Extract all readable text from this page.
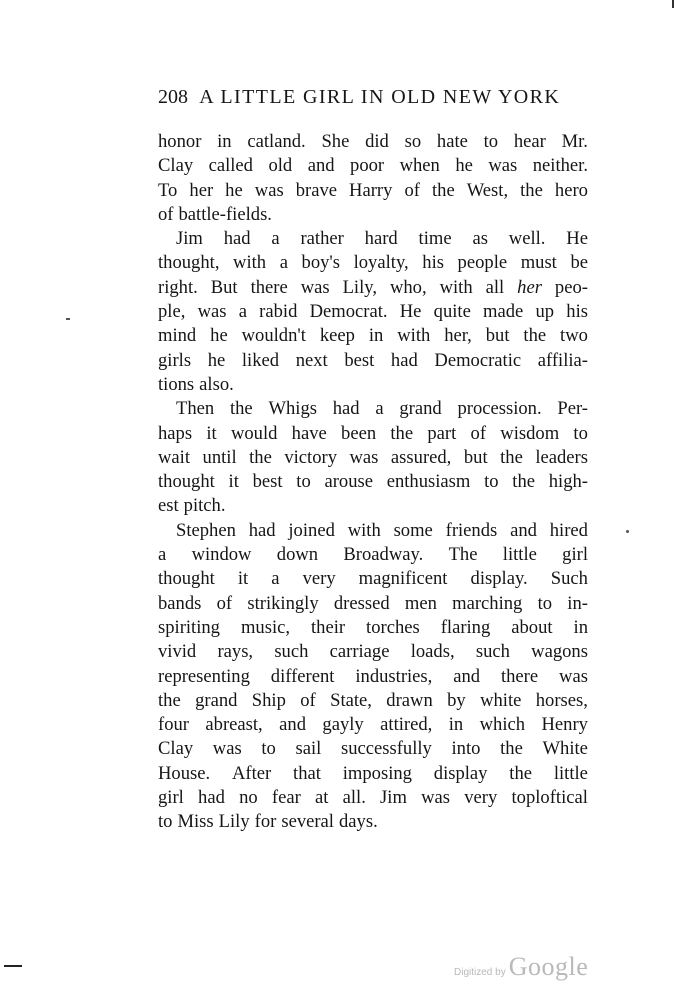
208 A LITTLE GIRL IN OLD NEW YORK
honor in catland. She did so hate to hear Mr.
Clay called old and poor when he was neither.
To her he was brave Harry of the West, the hero
of battle-fields.
Jim had a rather hard time as well. He
thought, with a boy's loyalty, his people must be
right. But there was Lily, who, with all her peo-
ple, was a rabid Democrat. He quite made up his
mind he wouldn't keep in with her, but the two
girls he liked next best had Democratic affilia-
tions also.
Then the Whigs had a grand procession. Per-
haps it would have been the part of wisdom to
wait until the victory was assured, but the leaders
thought it best to arouse enthusiasm to the high-
est pitch.
Stephen had joined with some friends and hired
a window down Broadway. The little girl
thought it a very magnificent display. Such
bands of strikingly dressed men marching to in-
spiriting music, their torches flaring about in
vivid rays, such carriage loads, such wagons
representing different industries, and there was
the grand Ship of State, drawn by white horses,
four abreast, and gayly attired, in which Henry
Clay was to sail successfully into the White
House. After that imposing display the little
girl had no fear at all. Jim was very toploftical
to Miss Lily for several days.
Digitized by Google
